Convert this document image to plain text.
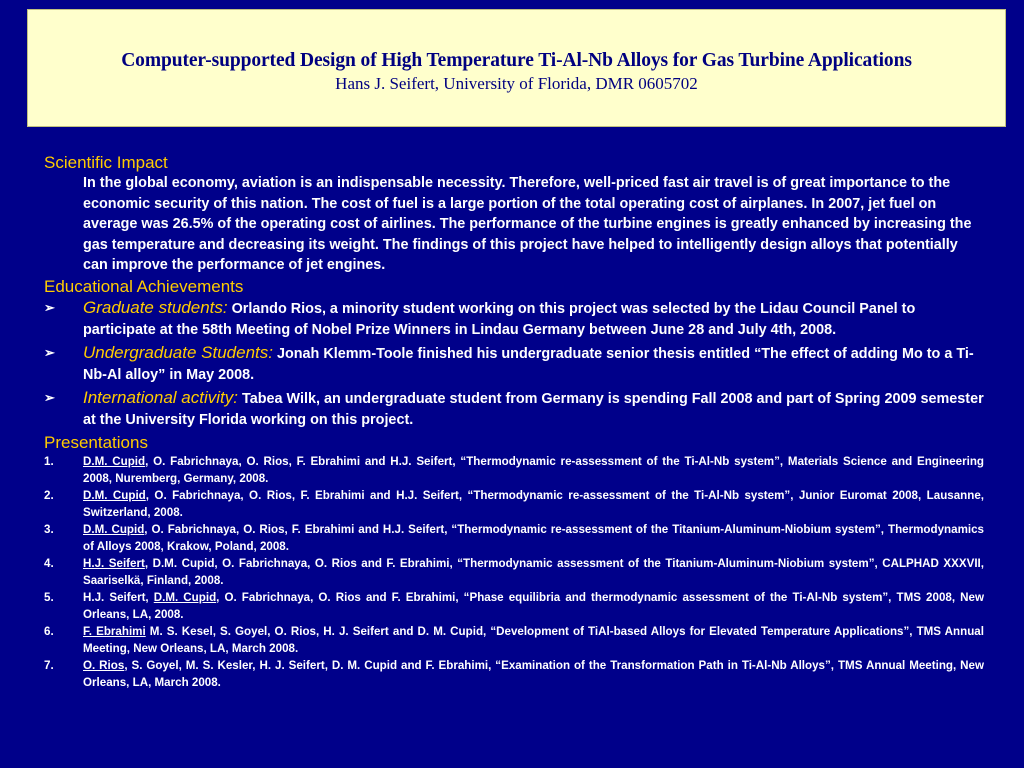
Computer-supported Design of High Temperature Ti-Al-Nb Alloys for Gas Turbine Applications
Hans J. Seifert, University of Florida, DMR 0605702
Scientific Impact
In the global economy, aviation is an indispensable necessity. Therefore, well-priced fast air travel is of great importance to the economic security of this nation. The cost of fuel is a large portion of the total operating cost of airplanes. In 2007, jet fuel on average was 26.5% of the operating cost of airlines. The performance of the turbine engines is greatly enhanced by increasing the gas temperature and decreasing its weight. The findings of this project have helped to intelligently design alloys that potentially can improve the performance of jet engines.
Educational Achievements
➢	Graduate students: Orlando Rios, a minority student working on this project was selected by the Lidau Council Panel to participate at the 58th Meeting of Nobel Prize Winners in Lindau Germany between June 28 and July 4th, 2008.
➢	Undergraduate Students: Jonah Klemm-Toole finished his undergraduate senior thesis entitled “The effect of adding Mo to a Ti-Nb-Al alloy” in May 2008.
➢	International activity: Tabea Wilk, an undergraduate student from Germany is spending Fall 2008 and part of Spring 2009 semester at the University Florida working on this project.
Presentations
1.	D.M. Cupid, O. Fabrichnaya, O. Rios, F. Ebrahimi and H.J. Seifert, “Thermodynamic re-assessment of the Ti-Al-Nb system”, Materials Science and Engineering 2008, Nuremberg, Germany, 2008.
2.	D.M. Cupid, O. Fabrichnaya, O. Rios, F. Ebrahimi and H.J. Seifert, “Thermodynamic re-assessment of the Ti-Al-Nb system”, Junior Euromat 2008, Lausanne, Switzerland, 2008.
3.	D.M. Cupid, O. Fabrichnaya, O. Rios, F. Ebrahimi and H.J. Seifert, “Thermodynamic re-assessment of the Titanium-Aluminum-Niobium system”, Thermodynamics of Alloys 2008, Krakow, Poland, 2008.
4.	H.J. Seifert, D.M. Cupid, O. Fabrichnaya, O. Rios and F. Ebrahimi, “Thermodynamic assessment of the Titanium-Aluminum-Niobium system”, CALPHAD XXXVII, Saariselkä, Finland, 2008.
5.	H.J. Seifert, D.M. Cupid, O. Fabrichnaya, O. Rios and F. Ebrahimi, “Phase equilibria and thermodynamic assessment of the Ti-Al-Nb system”, TMS 2008, New Orleans, LA, 2008.
6.	F. Ebrahimi M. S. Kesel, S. Goyel, O. Rios, H. J. Seifert and D. M. Cupid, “Development of TiAl-based Alloys for Elevated Temperature Applications”, TMS Annual Meeting, New Orleans, LA, March 2008.
7.	O. Rios, S. Goyel, M. S. Kesler, H. J. Seifert, D. M. Cupid and F. Ebrahimi, “Examination of the Transformation Path in Ti-Al-Nb Alloys”, TMS Annual Meeting, New Orleans, LA, March 2008.
